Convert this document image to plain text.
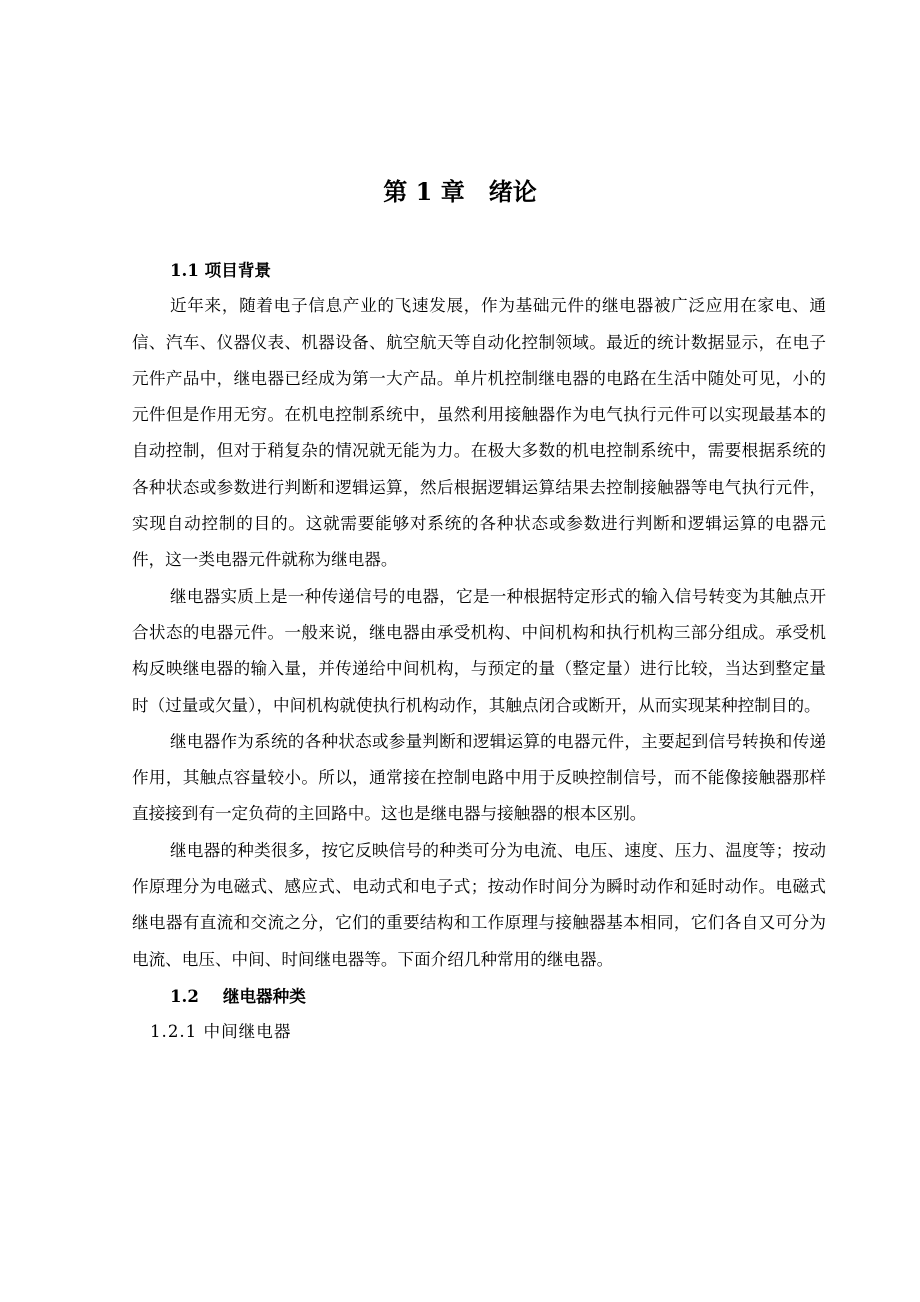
第 1 章 绪论

1.1 项目背景

近年来，随着电子信息产业的飞速发展，作为基础元件的继电器被广泛应用在家电、通信、汽车、仪器仪表、机器设备、航空航天等自动化控制领域。最近的统计数据显示，在电子元件产品中，继电器已经成为第一大产品。单片机控制继电器的电路在生活中随处可见，小的元件但是作用无穷。在机电控制系统中，虽然利用接触器作为电气执行元件可以实现最基本的自动控制，但对于稍复杂的情况就无能为力。在极大多数的机电控制系统中，需要根据系统的各种状态或参数进行判断和逻辑运算，然后根据逻辑运算结果去控制接触器等电气执行元件，实现自动控制的目的。这就需要能够对系统的各种状态或参数进行判断和逻辑运算的电器元件，这一类电器元件就称为继电器。

继电器实质上是一种传递信号的电器，它是一种根据特定形式的输入信号转变为其触点开合状态的电器元件。一般来说，继电器由承受机构、中间机构和执行机构三部分组成。承受机构反映继电器的输入量，并传递给中间机构，与预定的量（整定量）进行比较，当达到整定量时（过量或欠量），中间机构就使执行机构动作，其触点闭合或断开，从而实现某种控制目的。

继电器作为系统的各种状态或参量判断和逻辑运算的电器元件，主要起到信号转换和传递作用，其触点容量较小。所以，通常接在控制电路中用于反映控制信号，而不能像接触器那样直接接到有一定负荷的主回路中。这也是继电器与接触器的根本区别。

继电器的种类很多，按它反映信号的种类可分为电流、电压、速度、压力、温度等；按动作原理分为电磁式、感应式、电动式和电子式；按动作时间分为瞬时动作和延时动作。电磁式继电器有直流和交流之分，它们的重要结构和工作原理与接触器基本相同，它们各自又可分为电流、电压、中间、时间继电器等。下面介绍几种常用的继电器。

1.2 继电器种类

1.2.1 中间继电器
